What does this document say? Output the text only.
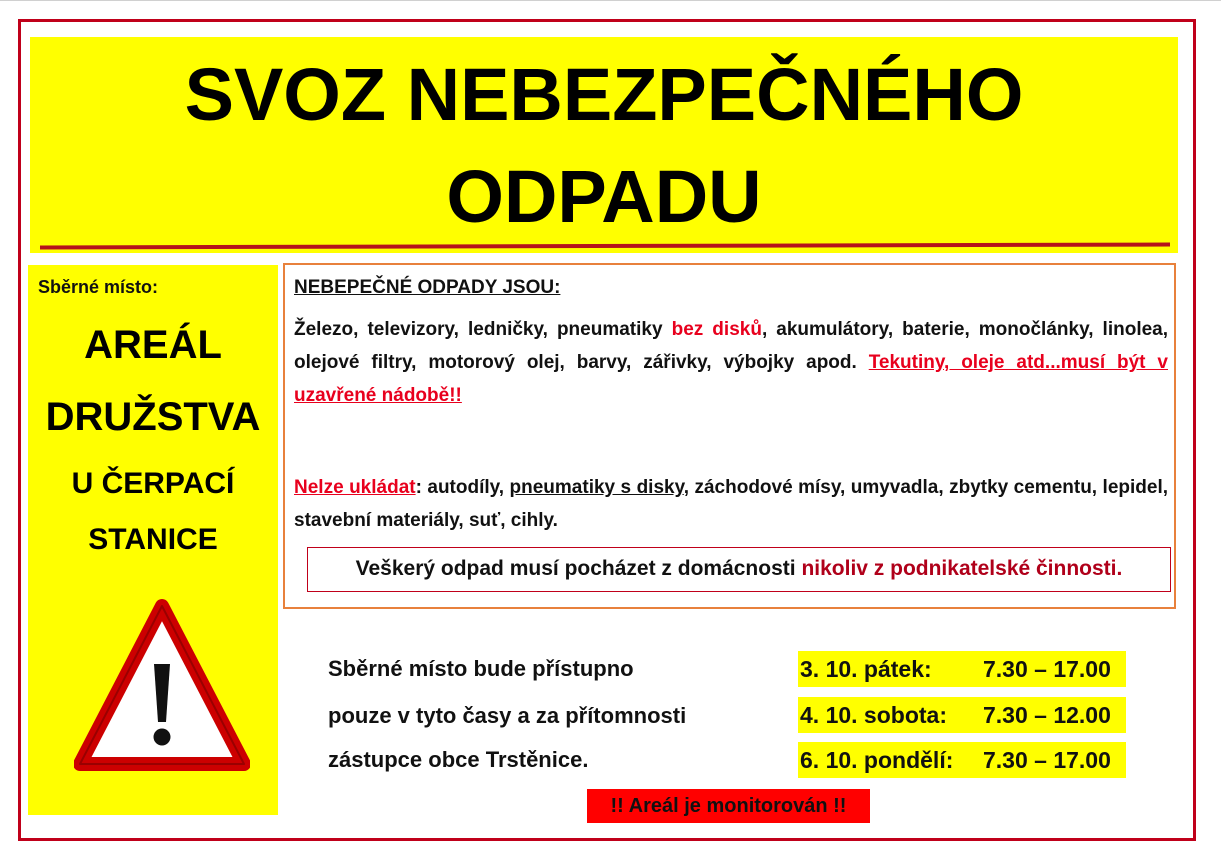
SVOZ NEBEZPEČNÉHO
ODPADU
Sběrné místo:
AREÁL
DRUŽSTVA
U ČERPACÍ
STANICE
NEBEPEČNÉ ODPADY JSOU:
Železo, televizory, ledničky, pneumatiky bez disků, akumulátory, baterie, monočlánky, linolea, olejové filtry, motorový olej, barvy, zářivky, výbojky apod. Tekutiny, oleje atd...musí být v uzavřené nádobě!!
Nelze ukládat: autodíly, pneumatiky s disky, záchodové mísy, umyvadla, zbytky cementu, lepidel, stavební materiály, suť, cihly.
Veškerý odpad musí pocházet z domácnosti nikoliv z podnikatelské činnosti.
Sběrné místo bude přístupno
pouze v tyto časy a za přítomnosti
zástupce obce Trstěnice.
3. 10. pátek: 7.30 – 17.00
4. 10. sobota: 7.30 – 12.00
6. 10. pondělí: 7.30 – 17.00
!! Areál je monitorován !!
